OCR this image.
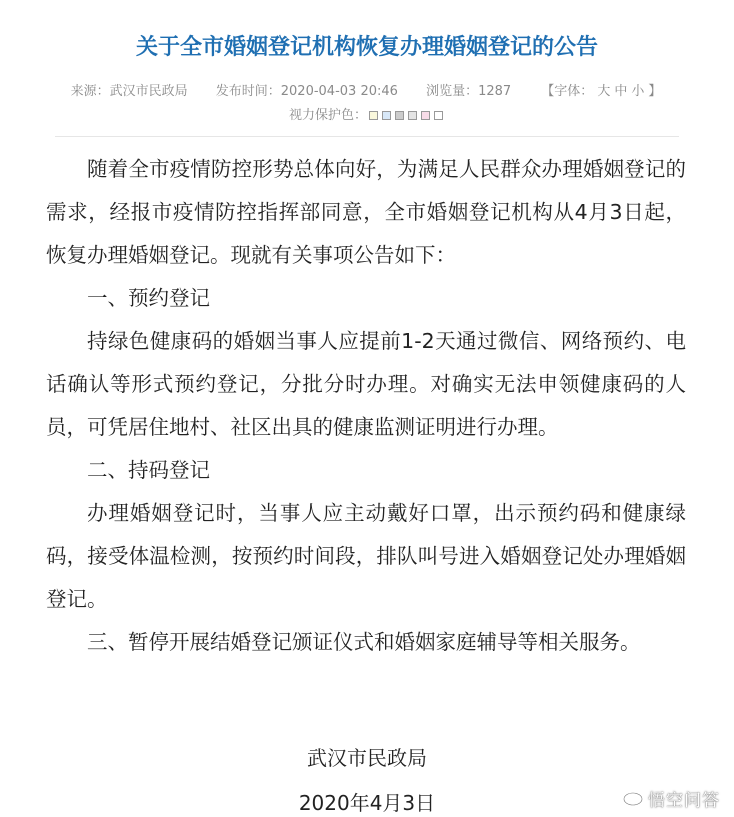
关于全市婚姻登记机构恢复办理婚姻登记的公告
来源：武汉市民政局 发布时间：2020-04-03 20:46 浏览量：1287 【字体： 大 中 小 】
视力保护色：

随着全市疫情防控形势总体向好，为满足人民群众办理婚姻登记的需求，经报市疫情防控指挥部同意，全市婚姻登记机构从4月3日起，恢复办理婚姻登记。现就有关事项公告如下：

一、预约登记

持绿色健康码的婚姻当事人应提前1-2天通过微信、网络预约、电话确认等形式预约登记，分批分时办理。对确实无法申领健康码的人员，可凭居住地村、社区出具的健康监测证明进行办理。

二、持码登记

办理婚姻登记时，当事人应主动戴好口罩，出示预约码和健康绿码，接受体温检测，按预约时间段，排队叫号进入婚姻登记处办理婚姻登记。

三、暂停开展结婚登记颁证仪式和婚姻家庭辅导等相关服务。

武汉市民政局
2020年4月3日	悟空问答
